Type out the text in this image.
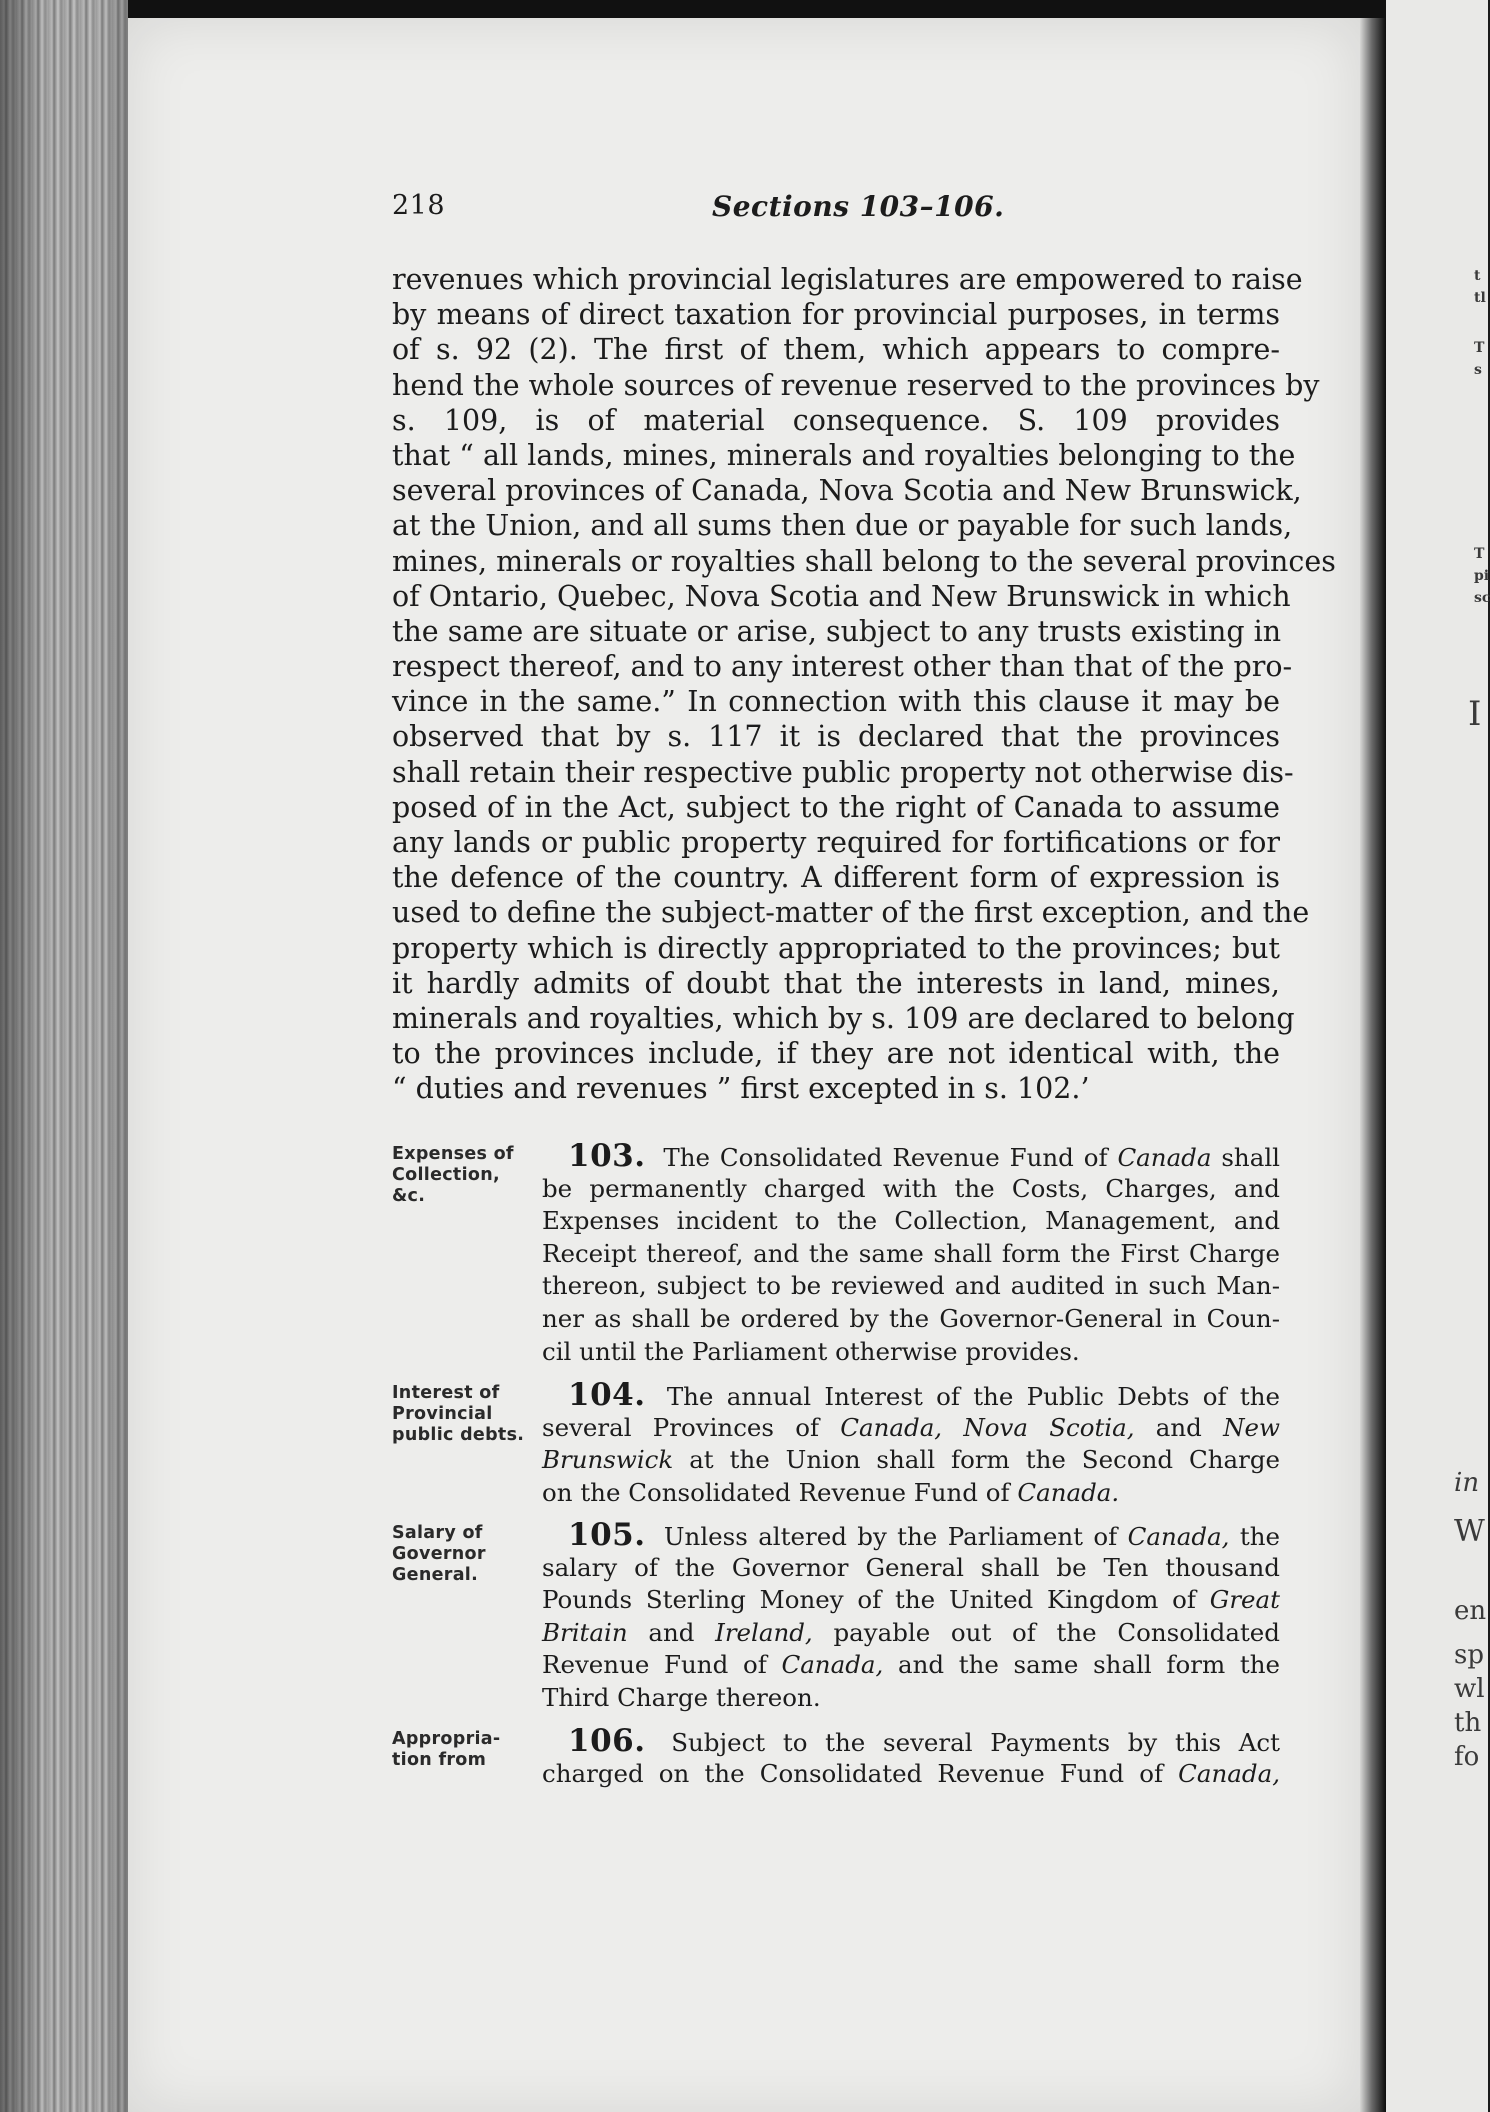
t
tl
T
s
T
pi
sc
I
in
W
en
sp
wl
th
fo
218	Sections 103–106.
revenues which provincial legislatures are empowered to raise
by means of direct taxation for provincial purposes, in terms
of s. 92 (2). The first of them, which appears to compre-
hend the whole sources of revenue reserved to the provinces by
s. 109, is of material consequence. S. 109 provides
that “ all lands, mines, minerals and royalties belonging to the
several provinces of Canada, Nova Scotia and New Brunswick,
at the Union, and all sums then due or payable for such lands,
mines, minerals or royalties shall belong to the several provinces
of Ontario, Quebec, Nova Scotia and New Brunswick in which
the same are situate or arise, subject to any trusts existing in
respect thereof, and to any interest other than that of the pro-
vince in the same.” In connection with this clause it may be
observed that by s. 117 it is declared that the provinces
shall retain their respective public property not otherwise dis-
posed of in the Act, subject to the right of Canada to assume
any lands or public property required for fortifications or for
the defence of the country. A different form of expression is
used to define the subject-matter of the first exception, and the
property which is directly appropriated to the provinces; but
it hardly admits of doubt that the interests in land, mines,
minerals and royalties, which by s. 109 are declared to belong
to the provinces include, if they are not identical with, the
“ duties and revenues ” first excepted in s. 102.’
Expenses of
Collection,
&c.
103. The Consolidated Revenue Fund of Canada shall
be permanently charged with the Costs, Charges, and
Expenses incident to the Collection, Management, and
Receipt thereof, and the same shall form the First Charge
thereon, subject to be reviewed and audited in such Man-
ner as shall be ordered by the Governor-General in Coun-
cil until the Parliament otherwise provides.
Interest of
Provincial
public debts.
104. The annual Interest of the Public Debts of the
several Provinces of Canada, Nova Scotia, and New
Brunswick at the Union shall form the Second Charge
on the Consolidated Revenue Fund of Canada.
Salary of
Governor
General.
105. Unless altered by the Parliament of Canada, the
salary of the Governor General shall be Ten thousand
Pounds Sterling Money of the United Kingdom of Great
Britain and Ireland, payable out of the Consolidated
Revenue Fund of Canada, and the same shall form the
Third Charge thereon.
Appropria-
tion from
106. Subject to the several Payments by this Act
charged on the Consolidated Revenue Fund of Canada,
